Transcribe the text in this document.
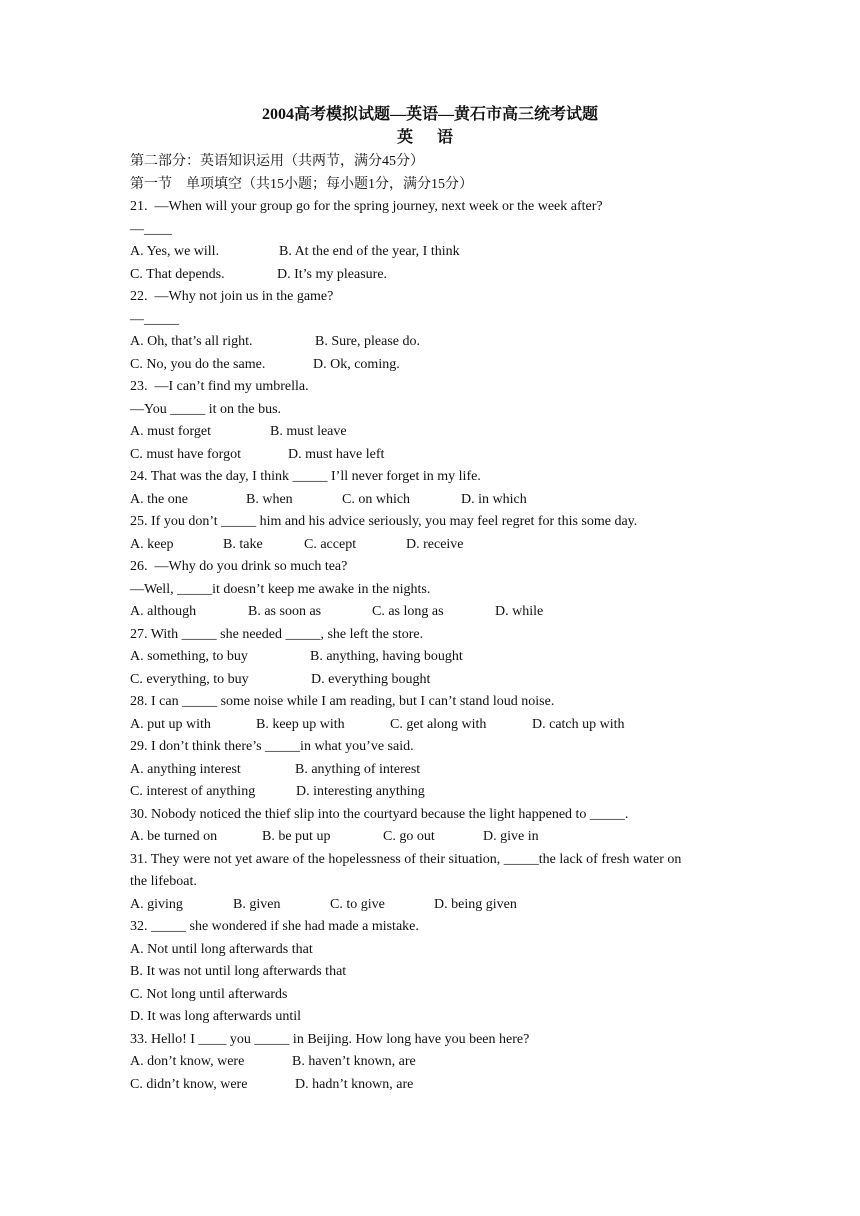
2004高考模拟试题—英语—黄石市高三统考试题
英 语
第二部分：英语知识运用（共两节，满分45分）
第一节　单项填空（共15小题；每小题1分，满分15分）
21.  —When will your group go for the spring journey, next week or the week after?
—____
A. Yes, we will.	B. At the end of the year, I think
C. That depends.	D. It’s my pleasure.
22.  —Why not join us in the game?
—_____
A. Oh, that’s all right.	B. Sure, please do.
C. No, you do the same.	D. Ok, coming.
23.  —I can’t find my umbrella.
—You _____ it on the bus.
A. must forget	B. must leave
C. must have forgot	D. must have left
24. That was the day, I think _____ I’ll never forget in my life.
A. the one	B. when	C. on which	D. in which
25. If you don’t _____ him and his advice seriously, you may feel regret for this some day.
A. keep	B. take	C. accept	D. receive
26.  —Why do you drink so much tea?
—Well, _____it doesn’t keep me awake in the nights.
A. although	B. as soon as	C. as long as	D. while
27. With _____ she needed _____, she left the store.
A. something, to buy	B. anything, having bought
C. everything, to buy	D. everything bought
28. I can _____ some noise while I am reading, but I can’t stand loud noise.
A. put up with	B. keep up with	C. get along with	D. catch up with
29. I don’t think there’s _____in what you’ve said.
A. anything interest	B. anything of interest
C. interest of anything	D. interesting anything
30. Nobody noticed the thief slip into the courtyard because the light happened to _____.
A. be turned on	B. be put up	C. go out	D. give in
31. They were not yet aware of the hopelessness of their situation, _____the lack of fresh water on
the lifeboat.
A. giving	B. given	C. to give	D. being given
32. _____ she wondered if she had made a mistake.
A. Not until long afterwards that
B. It was not until long afterwards that
C. Not long until afterwards
D. It was long afterwards until
33. Hello! I ____ you _____ in Beijing. How long have you been here?
A. don’t know, were	B. haven’t known, are
C. didn’t know, were	D. hadn’t known, are
